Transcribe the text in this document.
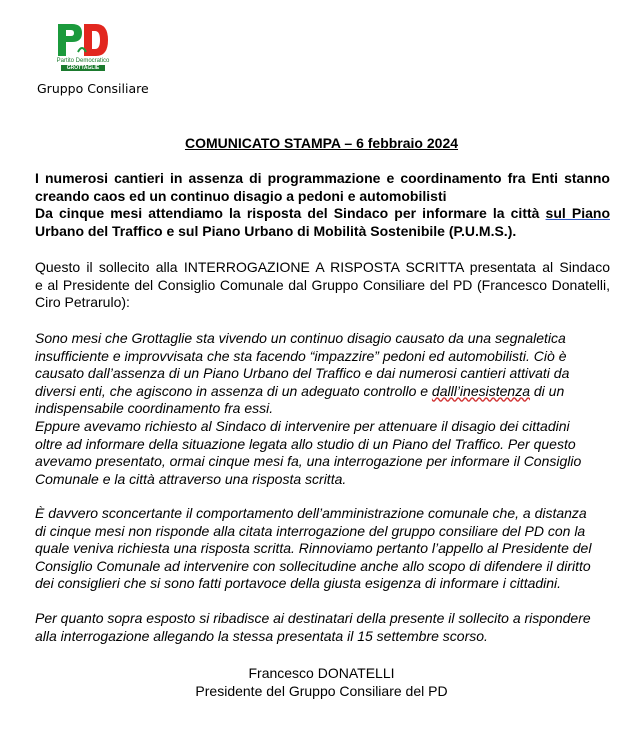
Partito Democratico
GROTTAGLIE
Gruppo Consiliare
COMUNICATO STAMPA – 6 febbraio 2024
I numerosi cantieri in assenza di programmazione e coordinamento fra Enti stanno
creando caos ed un continuo disagio a pedoni e automobilisti
Da cinque mesi attendiamo la risposta del Sindaco per informare la città sul Piano
Urbano del Traffico e sul Piano Urbano di Mobilità Sostenibile (P.U.M.S.).
Questo il sollecito alla INTERROGAZIONE A RISPOSTA SCRITTA presentata al Sindaco
e al Presidente del Consiglio Comunale dal Gruppo Consiliare del PD (Francesco Donatelli,
Ciro Petrarulo):
Sono mesi che Grottaglie sta vivendo un continuo disagio causato da una segnaletica
insufficiente e improvvisata che sta facendo “impazzire” pedoni ed automobilisti. Ciò è
causato dall’assenza di un Piano Urbano del Traffico e dai numerosi cantieri attivati da
diversi enti, che agiscono in assenza di un adeguato controllo e dalll’inesistenza di un
indispensabile coordinamento fra essi.
Eppure avevamo richiesto al Sindaco di intervenire per attenuare il disagio dei cittadini
oltre ad informare della situazione legata allo studio di un Piano del Traffico. Per questo
avevamo presentato, ormai cinque mesi fa, una interrogazione per informare il Consiglio
Comunale e la città attraverso una risposta scritta.
È davvero sconcertante il comportamento dell’amministrazione comunale che, a distanza
di cinque mesi non risponde alla citata interrogazione del gruppo consiliare del PD con la
quale veniva richiesta una risposta scritta. Rinnoviamo pertanto l’appello al Presidente del
Consiglio Comunale ad intervenire con sollecitudine anche allo scopo di difendere il diritto
dei consiglieri che si sono fatti portavoce della giusta esigenza di informare i cittadini.
Per quanto sopra esposto si ribadisce ai destinatari della presente il sollecito a rispondere
alla interrogazione allegando la stessa presentata il 15 settembre scorso.
Francesco DONATELLI
Presidente del Gruppo Consiliare del PD
